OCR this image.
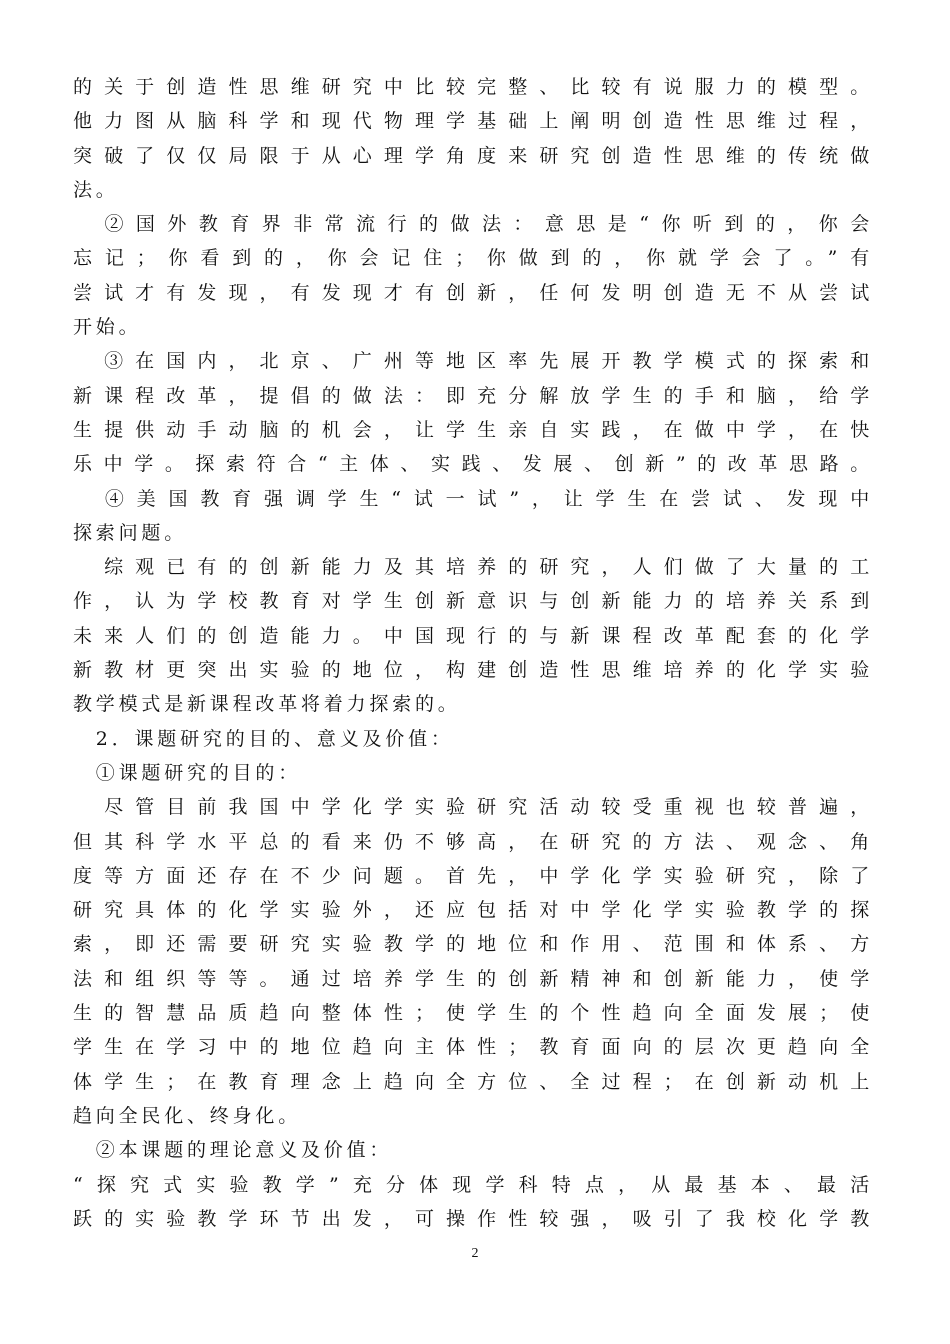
的关于创造性思维研究中比较完整、比较有说服力的模型。
他力图从脑科学和现代物理学基础上阐明创造性思维过程，
突破了仅仅局限于从心理学角度来研究创造性思维的传统做
法。
　②国外教育界非常流行的做法：意思是“你听到的，你会
忘记；你看到的，你会记住；你做到的，你就学会了。”有
尝试才有发现，有发现才有创新，任何发明创造无不从尝试
开始。
　③在国内，北京、广州等地区率先展开教学模式的探索和
新课程改革，提倡的做法：即充分解放学生的手和脑，给学
生提供动手动脑的机会，让学生亲自实践，在做中学，在快
乐中学。探索符合“主体、实践、发展、创新”的改革思路。
　④美国教育强调学生“试一试”，让学生在尝试、发现中
探索问题。
　综观已有的创新能力及其培养的研究，人们做了大量的工
作，认为学校教育对学生创新意识与创新能力的培养关系到
未来人们的创造能力。中国现行的与新课程改革配套的化学
新教材更突出实验的地位，构建创造性思维培养的化学实验
教学模式是新课程改革将着力探索的。
　2．课题研究的目的、意义及价值：
　①课题研究的目的：
　尽管目前我国中学化学实验研究活动较受重视也较普遍，
但其科学水平总的看来仍不够高，在研究的方法、观念、角
度等方面还存在不少问题。首先，中学化学实验研究，除了
研究具体的化学实验外，还应包括对中学化学实验教学的探
索，即还需要研究实验教学的地位和作用、范围和体系、方
法和组织等等。通过培养学生的创新精神和创新能力，使学
生的智慧品质趋向整体性；使学生的个性趋向全面发展；使
学生在学习中的地位趋向主体性；教育面向的层次更趋向全
体学生；在教育理念上趋向全方位、全过程；在创新动机上
趋向全民化、终身化。
　②本课题的理论意义及价值：
“探究式实验教学”充分体现学科特点，从最基本、最活
跃的实验教学环节出发，可操作性较强，吸引了我校化学教
2
